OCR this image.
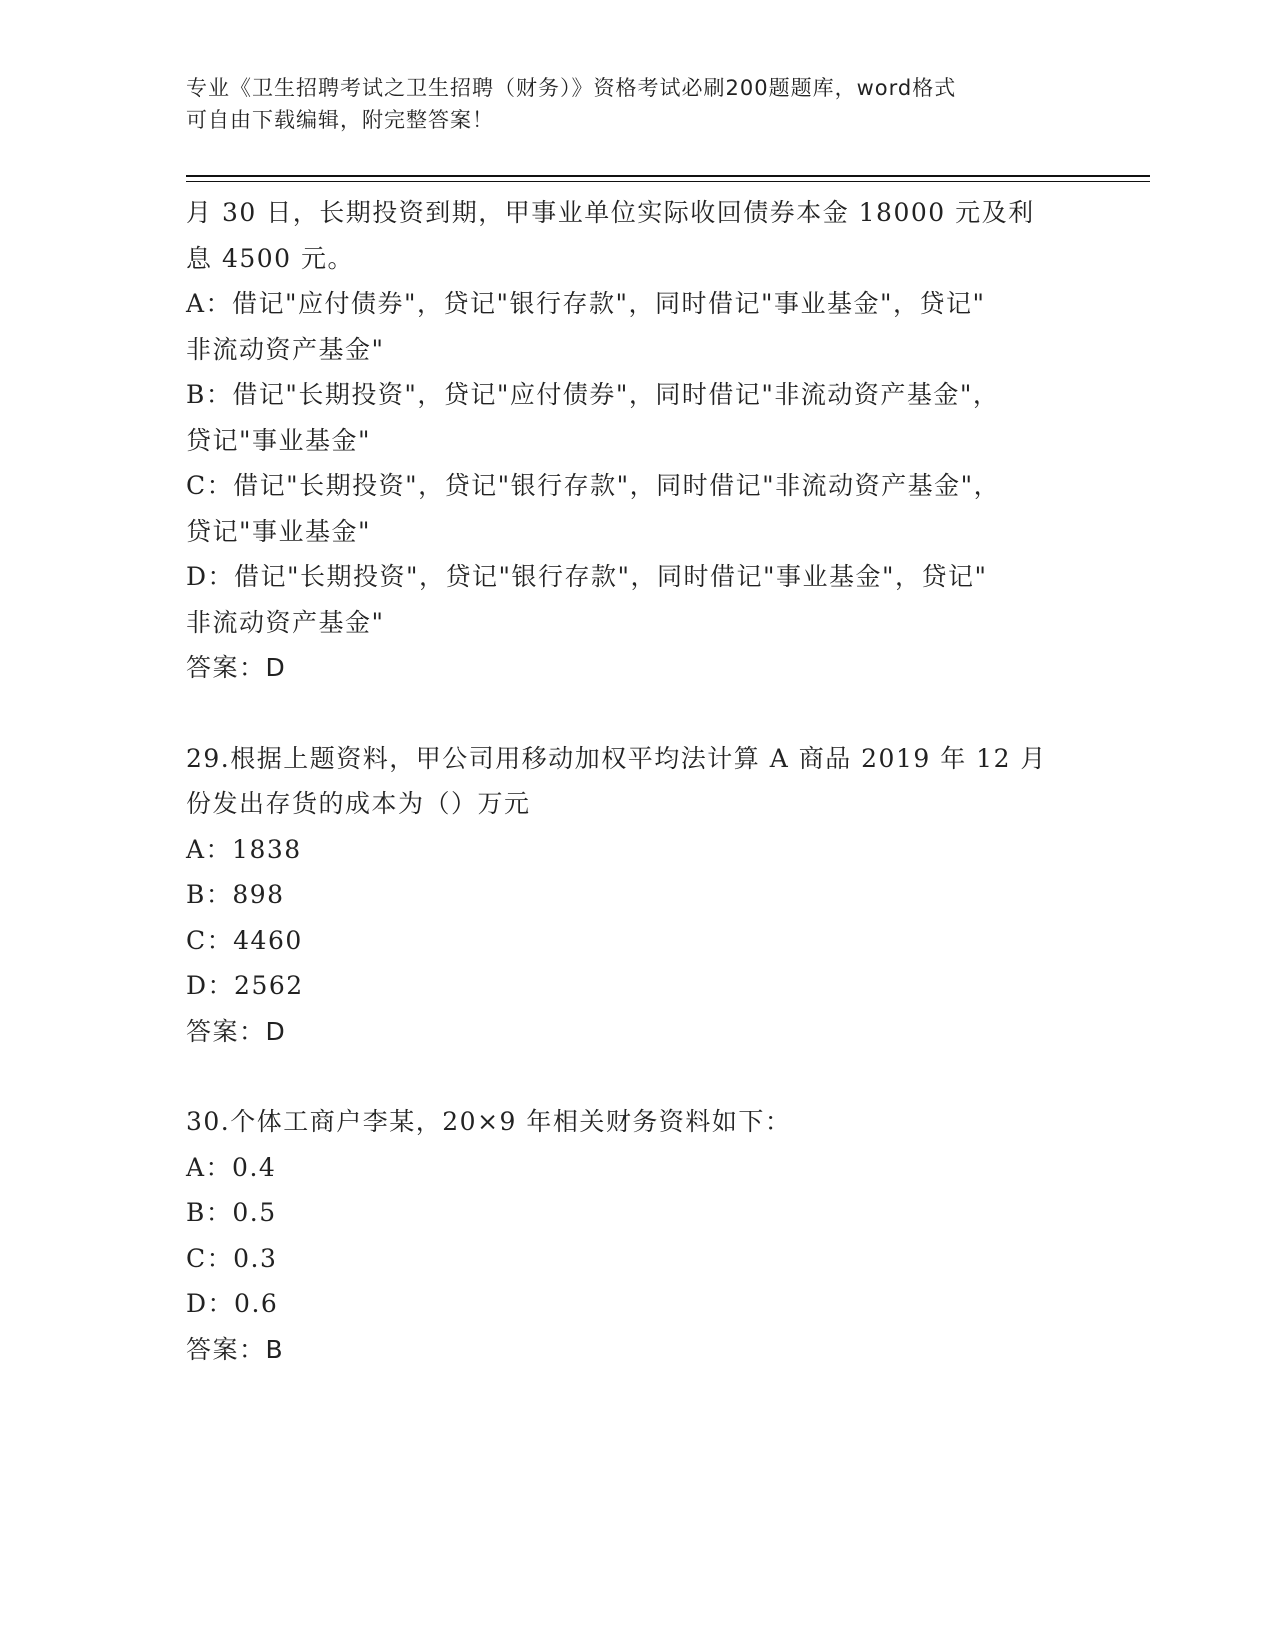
专业《卫生招聘考试之卫生招聘（财务）》资格考试必刷200题题库，word格式
可自由下载编辑，附完整答案！
月 30 日，长期投资到期，甲事业单位实际收回债券本金 18000 元及利
息 4500 元。
A：借记"应付债券"，贷记"银行存款"，同时借记"事业基金"，贷记"
非流动资产基金"
B：借记"长期投资"，贷记"应付债券"，同时借记"非流动资产基金"，
贷记"事业基金"
C：借记"长期投资"，贷记"银行存款"，同时借记"非流动资产基金"，
贷记"事业基金"
D：借记"长期投资"，贷记"银行存款"，同时借记"事业基金"，贷记"
非流动资产基金"
答案：D
29.根据上题资料，甲公司用移动加权平均法计算 A 商品 2019 年 12 月
份发出存货的成本为（）万元
A：1838
B：898
C：4460
D：2562
答案：D
30.个体工商户李某，20×9 年相关财务资料如下：
A：0.4
B：0.5
C：0.3
D：0.6
答案：B
